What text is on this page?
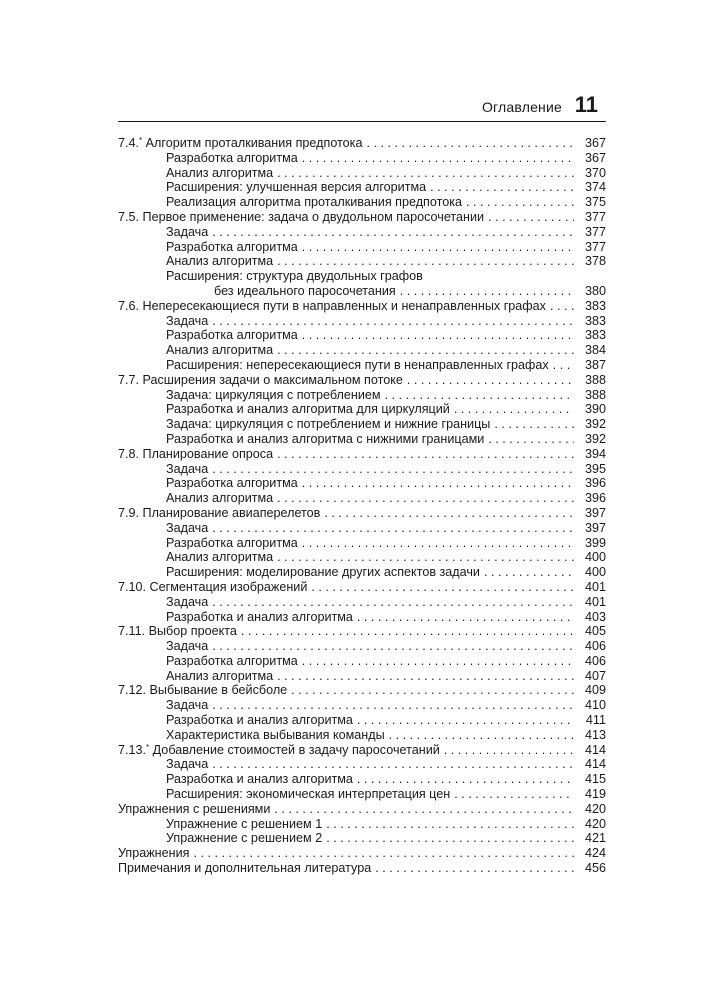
Оглавление 11
7.4.* Алгоритм проталкивания предпотока . . .	367
Разработка алгоритма . . .	367
Анализ алгоритма . . .	370
Расширения: улучшенная версия алгоритма . . .	374
Реализация алгоритма проталкивания предпотока . . .	375
7.5. Первое применение: задача о двудольном паросочетании . . .	377
Задача . . .	377
Разработка алгоритма . . .	377
Анализ алгоритма . . .	378
Расширения: структура двудольных графов
без идеального паросочетания . . .	380
7.6. Непересекающиеся пути в направленных и ненаправленных графах . . .	383
Задача . . .	383
Разработка алгоритма . . .	383
Анализ алгоритма . . .	384
Расширения: непересекающиеся пути в ненаправленных графах . . .	387
7.7. Расширения задачи о максимальном потоке . . .	388
Задача: циркуляция с потреблением . . .	388
Разработка и анализ алгоритма для циркуляций . . .	390
Задача: циркуляция с потреблением и нижние границы . . .	392
Разработка и анализ алгоритма с нижними границами . . .	392
7.8. Планирование опроса . . .	394
Задача . . .	395
Разработка алгоритма . . .	396
Анализ алгоритма . . .	396
7.9. Планирование авиаперелетов . . .	397
Задача . . .	397
Разработка алгоритма . . .	399
Анализ алгоритма . . .	400
Расширения: моделирование других аспектов задачи . . .	400
7.10. Сегментация изображений . . .	401
Задача . . .	401
Разработка и анализ алгоритма . . .	403
7.11. Выбор проекта . . .	405
Задача . . .	406
Разработка алгоритма . . .	406
Анализ алгоритма . . .	407
7.12. Выбывание в бейсболе . . .	409
Задача . . .	410
Разработка и анализ алгоритма . . .	411
Характеристика выбывания команды . . .	413
7.13.* Добавление стоимостей в задачу паросочетаний . . .	414
Задача . . .	414
Разработка и анализ алгоритма . . .	415
Расширения: экономическая интерпретация цен . . .	419
Упражнения с решениями . . .	420
Упражнение с решением 1 . . .	420
Упражнение с решением 2 . . .	421
Упражнения . . .	424
Примечания и дополнительная литература . . .	456
